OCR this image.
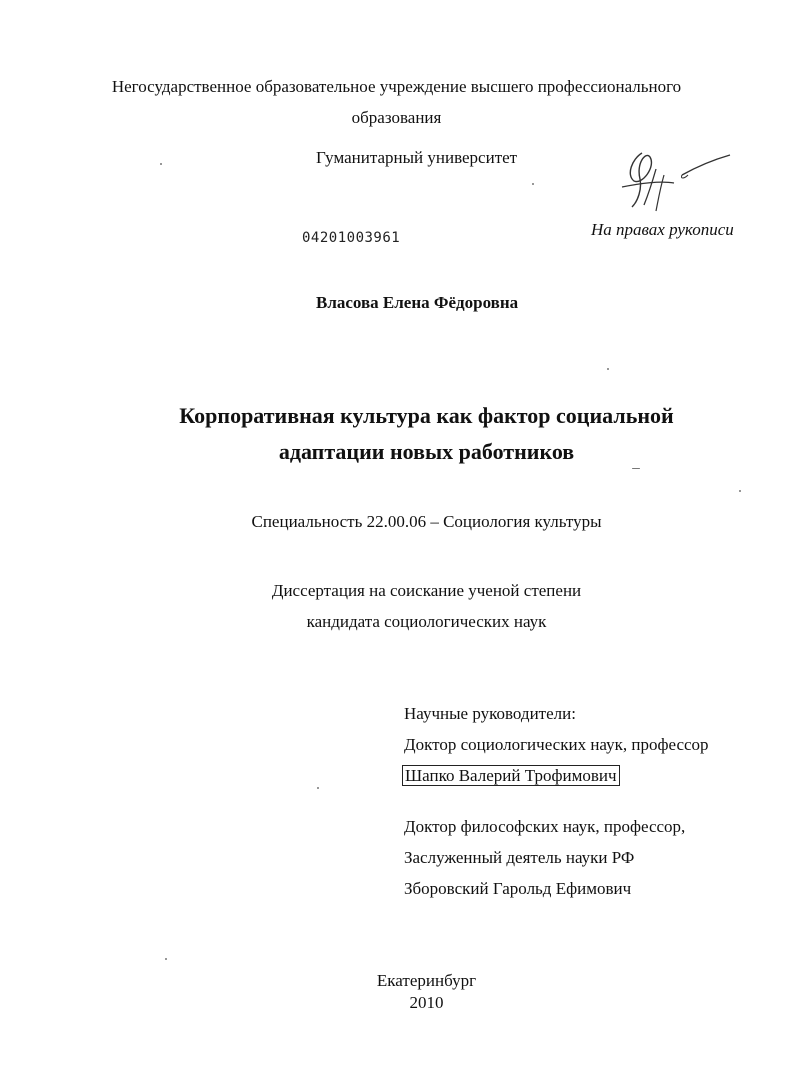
Негосударственное образовательное учреждение высшего профессионального
образования
Гуманитарный университет
04201003961	На правах рукописи
Власова Елена Фёдоровна
Корпоративная культура как фактор социальной
адаптации новых работников
Специальность 22.00.06 – Социология культуры
Диссертация на соискание ученой степени
кандидата социологических наук
Научные руководители:
Доктор социологических наук, профессор
Шапко Валерий Трофимович
Доктор философских наук, профессор,
Заслуженный деятель науки РФ
Зборовский Гарольд Ефимович
Екатеринбург
2010
